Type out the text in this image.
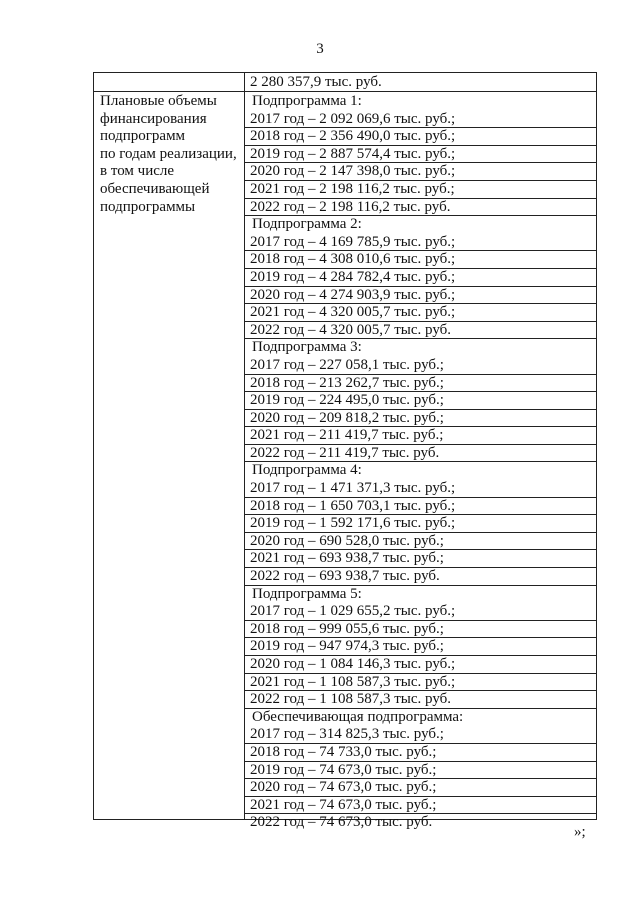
3
2 280 357,9 тыс. руб.
Плановые объемы
финансирования
подпрограмм
по годам реализации,
в том числе
обеспечивающей
подпрограммы
Подпрограмма 1:
2017 год – 2 092 069,6 тыс. руб.;
2018 год – 2 356 490,0 тыс. руб.;
2019 год – 2 887 574,4 тыс. руб.;
2020 год – 2 147 398,0 тыс. руб.;
2021 год – 2 198 116,2 тыс. руб.;
2022 год – 2 198 116,2 тыс. руб.
Подпрограмма 2:
2017 год – 4 169 785,9 тыс. руб.;
2018 год – 4 308 010,6 тыс. руб.;
2019 год – 4 284 782,4 тыс. руб.;
2020 год – 4 274 903,9 тыс. руб.;
2021 год – 4 320 005,7 тыс. руб.;
2022 год – 4 320 005,7 тыс. руб.
Подпрограмма 3:
2017 год – 227 058,1 тыс. руб.;
2018 год – 213 262,7 тыс. руб.;
2019 год – 224 495,0 тыс. руб.;
2020 год – 209 818,2 тыс. руб.;
2021 год – 211 419,7 тыс. руб.;
2022 год – 211 419,7 тыс. руб.
Подпрограмма 4:
2017 год – 1 471 371,3 тыс. руб.;
2018 год – 1 650 703,1 тыс. руб.;
2019 год – 1 592 171,6 тыс. руб.;
2020 год – 690 528,0 тыс. руб.;
2021 год – 693 938,7 тыс. руб.;
2022 год – 693 938,7 тыс. руб.
Подпрограмма 5:
2017 год – 1 029 655,2 тыс. руб.;
2018 год – 999 055,6 тыс. руб.;
2019 год – 947 974,3 тыс. руб.;
2020 год – 1 084 146,3 тыс. руб.;
2021 год – 1 108 587,3 тыс. руб.;
2022 год – 1 108 587,3 тыс. руб.
Обеспечивающая подпрограмма:
2017 год – 314 825,3 тыс. руб.;
2018 год – 74 733,0 тыс. руб.;
2019 год – 74 673,0 тыс. руб.;
2020 год – 74 673,0 тыс. руб.;
2021 год – 74 673,0 тыс. руб.;
2022 год – 74 673,0 тыс. руб.
»;
